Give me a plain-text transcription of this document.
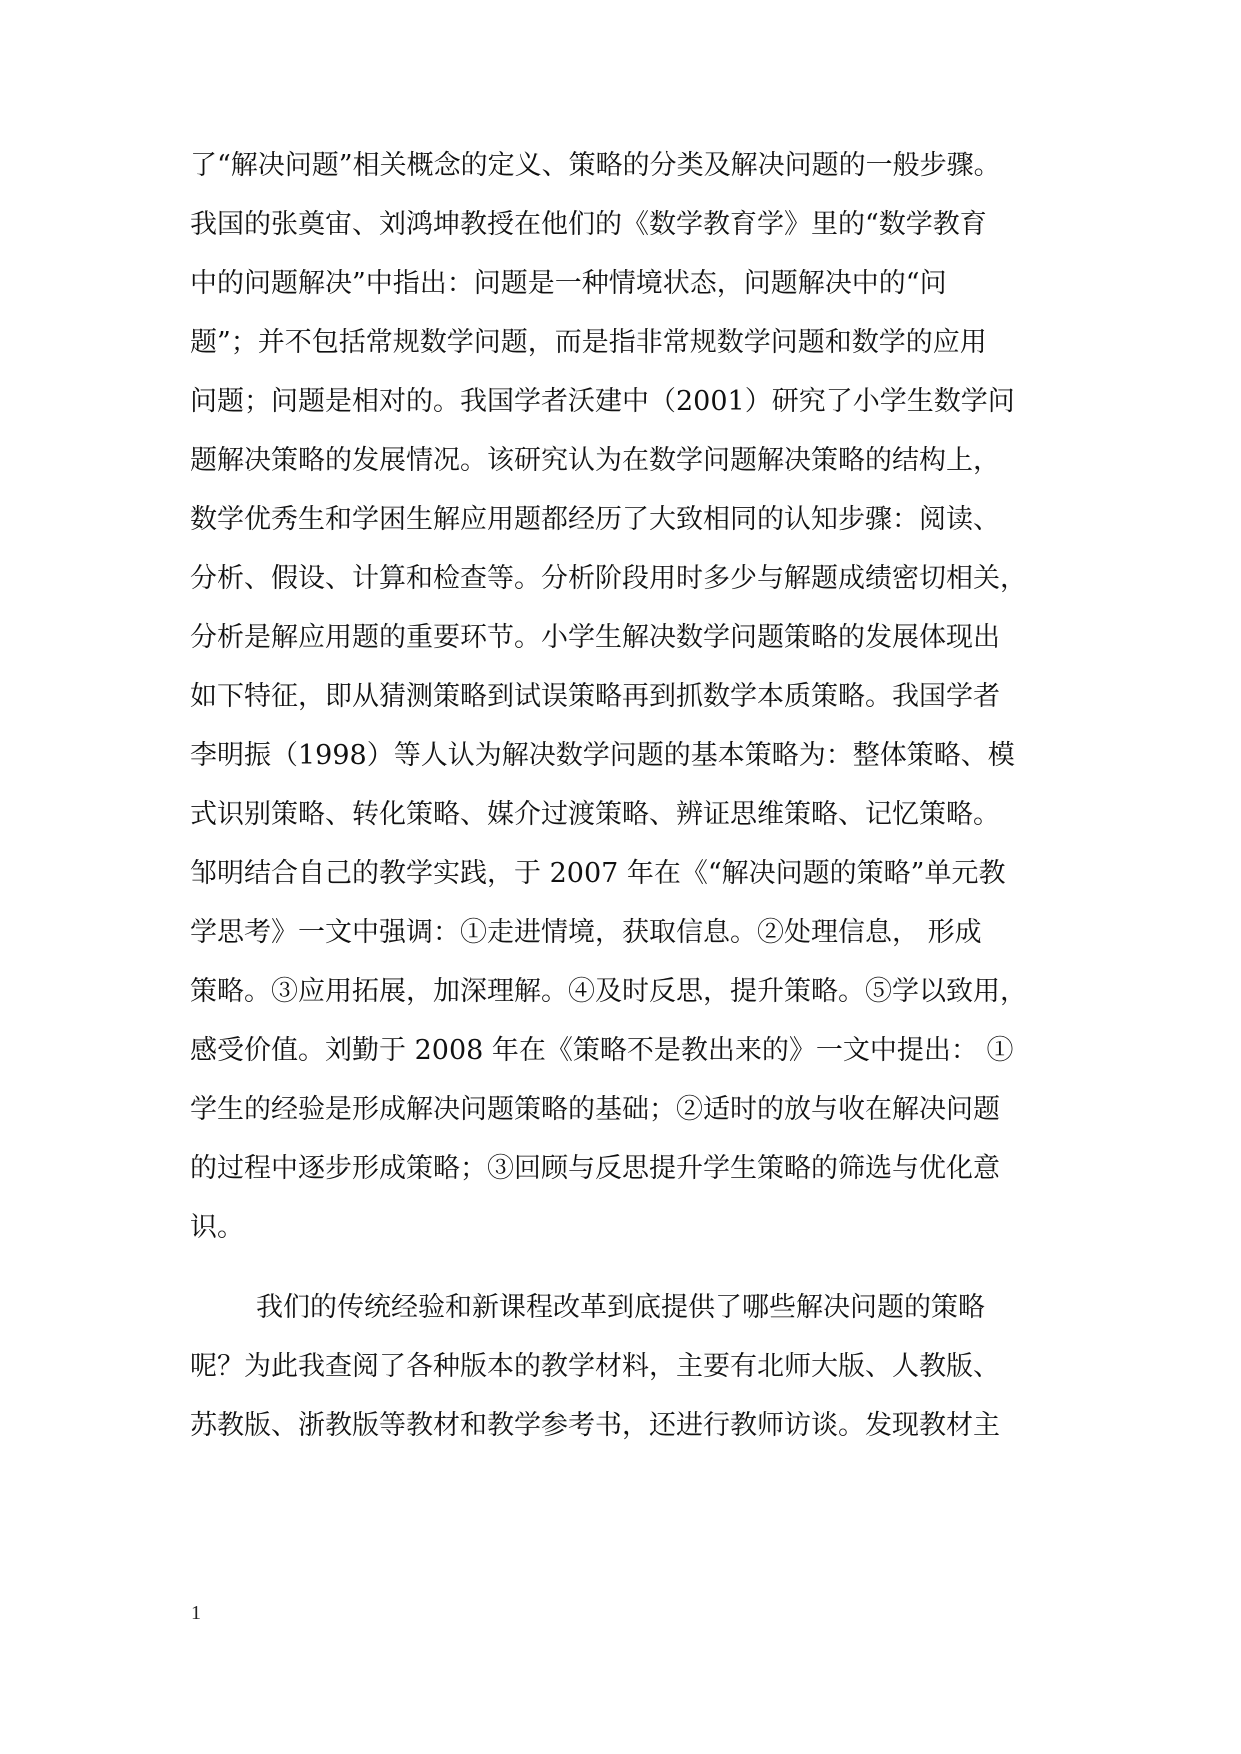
了“解决问题”相关概念的定义、策略的分类及解决问题的一般步骤。
我国的张奠宙、刘鸿坤教授在他们的《数学教育学》里的“数学教育
中的问题解决”中指出：问题是一种情境状态，问题解决中的“问
题”；并不包括常规数学问题，而是指非常规数学问题和数学的应用
问题；问题是相对的。我国学者沃建中（2001）研究了小学生数学问
题解决策略的发展情况。该研究认为在数学问题解决策略的结构上，
数学优秀生和学困生解应用题都经历了大致相同的认知步骤：阅读、
分析、假设、计算和检查等。分析阶段用时多少与解题成绩密切相关，
分析是解应用题的重要环节。小学生解决数学问题策略的发展体现出
如下特征，即从猜测策略到试误策略再到抓数学本质策略。我国学者
李明振（1998）等人认为解决数学问题的基本策略为：整体策略、模
式识别策略、转化策略、媒介过渡策略、辨证思维策略、记忆策略。
邹明结合自己的教学实践，于 2007 年在《“解决问题的策略”单元教
学思考》一文中强调：①走进情境，获取信息。②处理信息， 形成
策略。③应用拓展，加深理解。④及时反思，提升策略。⑤学以致用，
感受价值。刘勤于 2008 年在《策略不是教出来的》一文中提出： ①
学生的经验是形成解决问题策略的基础；②适时的放与收在解决问题
的过程中逐步形成策略；③回顾与反思提升学生策略的筛选与优化意
识。
我们的传统经验和新课程改革到底提供了哪些解决问题的策略
呢？为此我查阅了各种版本的教学材料，主要有北师大版、人教版、
苏教版、浙教版等教材和教学参考书，还进行教师访谈。发现教材主
1
